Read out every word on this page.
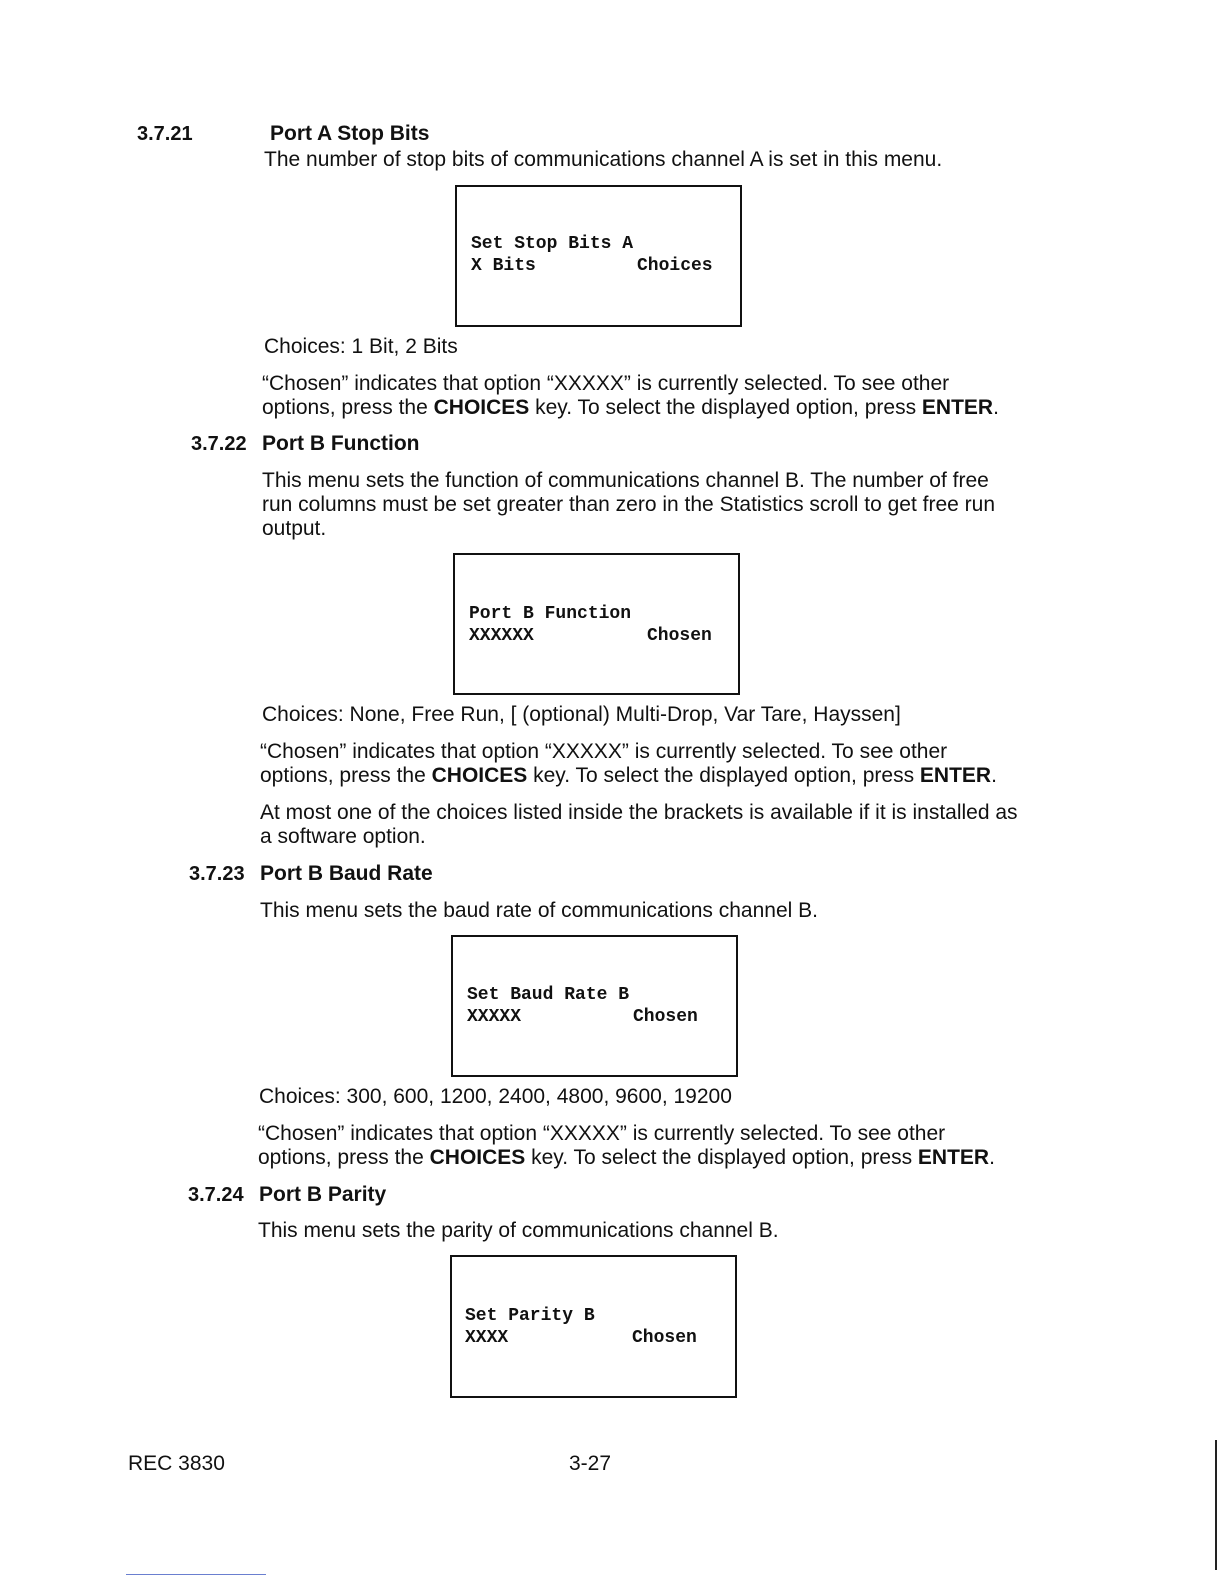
3.7.21	Port A Stop Bits
The number of stop bits of communications channel A is set in this menu.
Set Stop Bits A
X Bits	Choices
Choices: 1 Bit, 2 Bits
“Chosen” indicates that option “XXXXX” is currently selected. To see other
options, press the CHOICES key. To select the displayed option, press ENTER.
3.7.22 Port B Function
This menu sets the function of communications channel B. The number of free
run columns must be set greater than zero in the Statistics scroll to get free run
output.
Port B Function
XXXXXX	Chosen
Choices: None, Free Run, [ (optional) Multi-Drop, Var Tare, Hayssen]
“Chosen” indicates that option “XXXXX” is currently selected. To see other
options, press the CHOICES key. To select the displayed option, press ENTER.
At most one of the choices listed inside the brackets is available if it is installed as
a software option.
3.7.23 Port B Baud Rate
This menu sets the baud rate of communications channel B.
Set Baud Rate B
XXXXX	Chosen
Choices: 300, 600, 1200, 2400, 4800, 9600, 19200
“Chosen” indicates that option “XXXXX” is currently selected. To see other
options, press the CHOICES key. To select the displayed option, press ENTER.
3.7.24 Port B Parity
This menu sets the parity of communications channel B.
Set Parity B
XXXX	Chosen
REC 3830	3-27
